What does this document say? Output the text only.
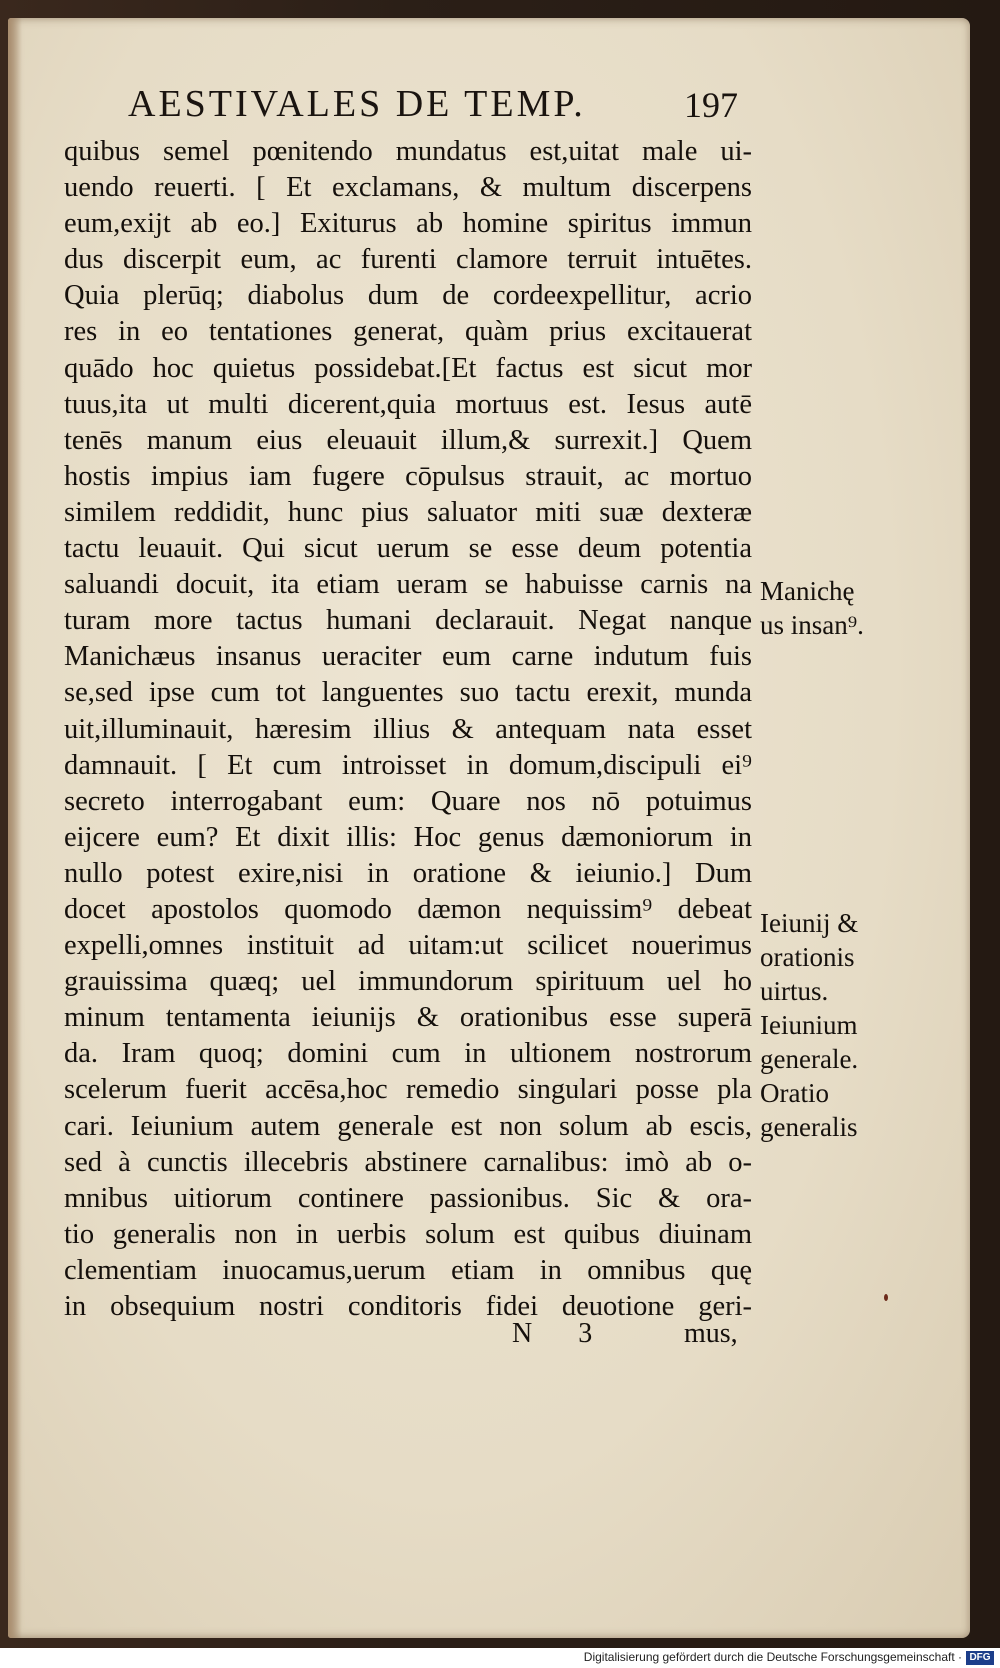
AESTIVALES DE TEMP.	197
quibus semel pœnitendo mundatus est,uitat male ui-
uendo reuerti. [ Et exclamans, & multum discerpens
eum,exijt ab eo.] Exiturus ab homine spiritus immun
dus discerpit eum, ac furenti clamore terruit intuētes.
Quia plerūq; diabolus dum de cordeexpellitur, acrio
res in eo tentationes generat, quàm prius excitauerat
quādo hoc quietus possidebat.[Et factus est sicut mor
tuus,ita ut multi dicerent,quia mortuus est. Iesus autē
tenēs manum eius eleuauit illum,& surrexit.] Quem
hostis impius iam fugere cōpulsus strauit, ac mortuo
similem reddidit, hunc pius saluator miti suæ dexteræ
tactu leuauit. Qui sicut uerum se esse deum potentia
saluandi docuit, ita etiam ueram se habuisse carnis na
turam more tactus humani declarauit. Negat nanque
Manichæus insanus ueraciter eum carne indutum fuis
se,sed ipse cum tot languentes suo tactu erexit, munda
uit,illuminauit, hæresim illius & antequam nata esset
damnauit. [ Et cum introisset in domum,discipuli ei⁹
secreto interrogabant eum: Quare nos nō potuimus
eijcere eum? Et dixit illis: Hoc genus dæmoniorum in
nullo potest exire,nisi in oratione & ieiunio.] Dum
docet apostolos quomodo dæmon nequissim⁹ debeat
expelli,omnes instituit ad uitam:ut scilicet nouerimus
grauissima quæq; uel immundorum spirituum uel ho
minum tentamenta ieiunijs & orationibus esse superā
da. Iram quoq; domini cum in ultionem nostrorum
scelerum fuerit accēsa,hoc remedio singulari posse pla
cari. Ieiunium autem generale est non solum ab escis,
sed à cunctis illecebris abstinere carnalibus: imò ab o-
mnibus uitiorum continere passionibus. Sic & ora-
tio generalis non in uerbis solum est quibus diuinam
clementiam inuocamus,uerum etiam in omnibus quę
in obsequium nostri conditoris fidei deuotione geri-
Manichę
us insan⁹.
Ieiunij &
orationis
uirtus.
Ieiunium
generale.
Oratio
generalis
N 3	mus,
Digitalisierung gefördert durch die Deutsche Forschungsgemeinschaft · DFG
